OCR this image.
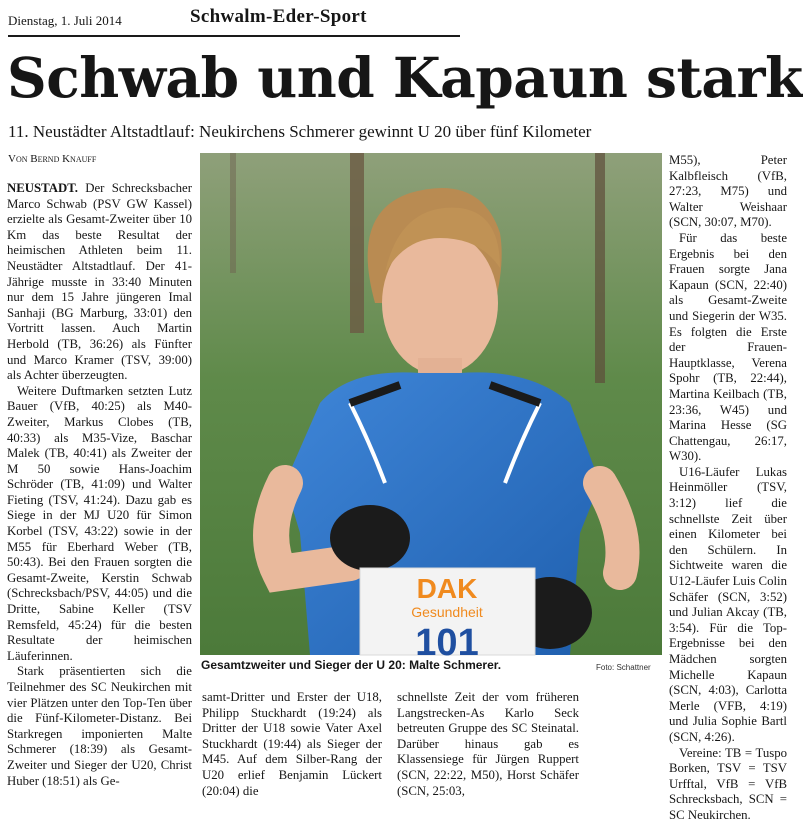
Dienstag, 1. Juli 2014	Schwalm-Eder-Sport
Schwab und Kapaun stark
11. Neustädter Altstadtlauf: Neukirchens Schmerer gewinnt U 20 über fünf Kilometer
Von Bernd Knauff

NEUSTADT. Der Schrecksbacher Marco Schwab (PSV GW Kassel) erzielte als Gesamt-Zweiter über 10 Km das beste Resultat der heimischen Athleten beim 11. Neustädter Altstadtlauf. Der 41-Jährige musste in 33:40 Minuten nur dem 15 Jahre jüngeren Imal Sanhaji (BG Marburg, 33:01) den Vortritt lassen. Auch Martin Herbold (TB, 36:26) als Fünfter und Marco Kramer (TSV, 39:00) als Achter überzeugten.

Weitere Duftmarken setzten Lutz Bauer (VfB, 40:25) als M40-Zweiter, Markus Clobes (TB, 40:33) als M35-Vize, Baschar Malek (TB, 40:41) als Zweiter der M 50 sowie Hans-Joachim Schröder (TB, 41:09) und Walter Fieting (TSV, 41:24). Dazu gab es Siege in der MJ U20 für Simon Korbel (TSV, 43:22) sowie in der M55 für Eberhard Weber (TB, 50:43). Bei den Frauen sorgten die Gesamt-Zweite, Kerstin Schwab (Schrecksbach/PSV, 44:05) und die Dritte, Sabine Keller (TSV Remsfeld, 45:24) für die besten Resultate der heimischen Läuferinnen.

Stark präsentierten sich die Teilnehmer des SC Neukirchen mit vier Plätzen unter den Top-Ten über die Fünf-Kilometer-Distanz. Bei Starkregen imponierten Malte Schmerer (18:39) als Gesamt-Zweiter und Sieger der U20, Christ Huber (18:51) als Ge-

DAK
Gesundheit
101
Gesamtzweiter und Sieger der U 20: Malte Schmerer.	Foto: Schattner

M55), Peter Kalbfleisch (VfB, 27:23, M75) und Walter Weishaar (SCN, 30:07, M70).

Für das beste Ergebnis bei den Frauen sorgte Jana Kapaun (SCN, 22:40) als Gesamt-Zweite und Siegerin der W35. Es folgten die Erste der Frauen-Hauptklasse, Verena Spohr (TB, 22:44), Martina Keilbach (TB, 23:36, W45) und Marina Hesse (SG Chattengau, 26:17, W30).

U16-Läufer Lukas Heinmöller (TSV, 3:12) lief die schnellste Zeit über einen Kilometer bei den Schülern. In Sichtweite waren die U12-Läufer Luis Colin Schäfer (SCN, 3:52) und Julian Akcay (TB, 3:54). Für die Top-Ergebnisse bei den Mädchen sorgten Michelle Kapaun (SCN, 4:03), Carlotta Merle (VFB, 4:19) und Julia Sophie Bartl (SCN, 4:26).

Vereine: TB = Tuspo Borken, TSV = TSV Urfftal, VfB = VfB Schrecksbach, SCN = SC Neukirchen.

samt-Dritter und Erster der U18, Philipp Stuckhardt (19:24) als Dritter der U18 sowie Vater Axel Stuckhardt (19:44) als Sieger der M45. Auf dem Silber-Rang der U20 erlief Benjamin Lückert (20:04) die

schnellste Zeit der vom früheren Langstrecken-As Karlo Seck betreuten Gruppe des SC Steinatal. Darüber hinaus gab es Klassensiege für Jürgen Ruppert (SCN, 22:22, M50), Horst Schäfer (SCN, 25:03,
